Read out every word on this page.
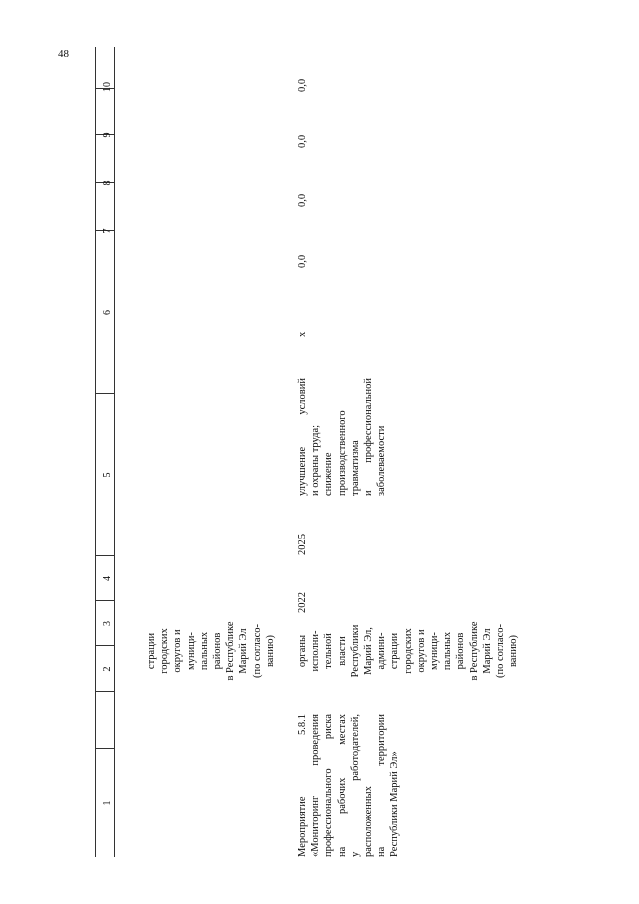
48
1
2
3
4
5
6
7
8
9
10
страции городских округов и муници- пальных районов в Республике Марий Эл (по согласо- ванию)
Мероприятие 5.8.1 «Мониторинг проведения профессионального риска на рабочих местах у работодателей, расположенных на территории Республики Марий Эл»
органы исполни- тельной власти Республики Марий Эл, админи- страции городских округов и муници- пальных районов в Республике Марий Эл (по согласо- ванию)
2022
2025
улучшение условий и охраны труда; снижение производственного травматизма и профессиональной заболеваемости
х
0,0
0,0
0,0
0,0
